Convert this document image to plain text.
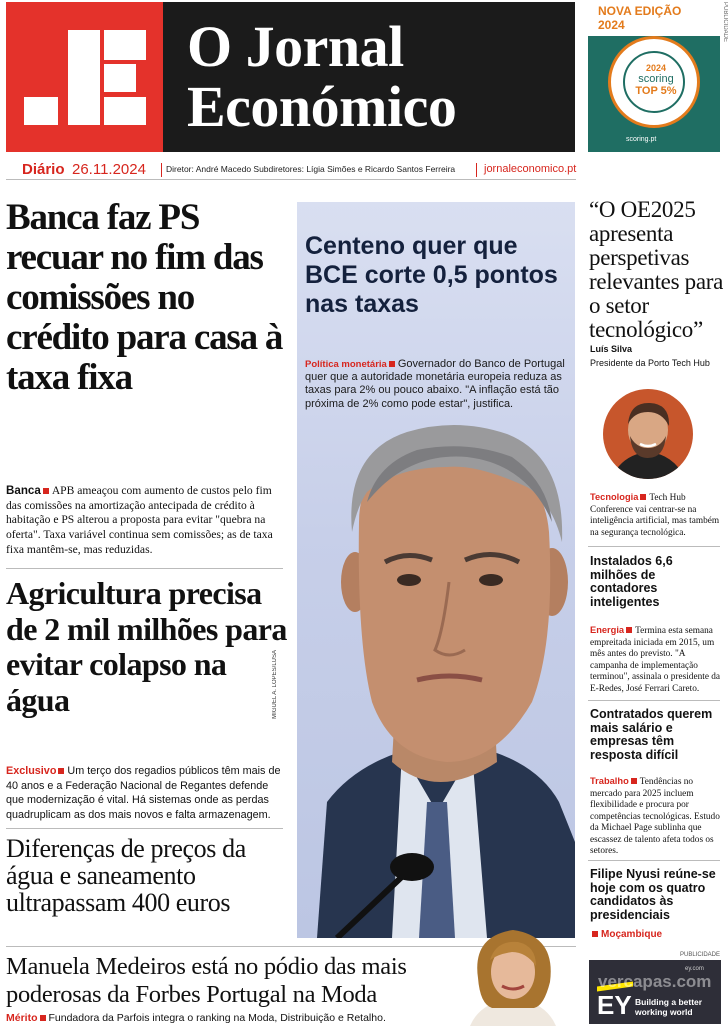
O Jornal
Económico
NOVA EDIÇÃO
2024
2024
scoring
TOP 5%
scoring.pt
PUBLICIDADE
Diário 26.11.2024 Diretor: André Macedo Subdiretores: Lígia Simões e Ricardo Santos Ferreira	jornaleconomico.pt
Banca faz PS recuar no fim das comissões no crédito para casa à taxa fixa
Banca APB ameaçou com aumento de custos pelo fim das comissões na amortização antecipada de crédito à habitação e PS alterou a proposta para evitar "quebra na oferta". Taxa variável continua sem comissões; as de taxa fixa mantêm-se, mas reduzidas.
Agricultura precisa de 2 mil milhões para evitar colapso na água
Exclusivo Um terço dos regadios públicos têm mais de 40 anos e a Federação Nacional de Regantes defende que modernização é vital. Há sistemas onde as perdas quadruplicam as dos mais novos e falta armazenagem.
Diferenças de preços da água e saneamento ultrapassam 400 euros
Centeno quer que BCE corte 0,5 pontos nas taxas
Política monetária Governador do Banco de Portugal quer que a autoridade monetária europeia reduza as taxas para 2% ou pouco abaixo. "A inflação está tão próxima de 2% como pode estar", justifica.
MIGUEL A. LOPES/LUSA
“O OE2025 apresenta perspetivas relevantes para o setor tecnológico”
Luís Silva
Presidente da Porto Tech Hub
Tecnologia Tech Hub Conference vai centrar-se na inteligência artificial, mas também na segurança tecnológica.
Instalados 6,6 milhões de contadores inteligentes
Energia Termina esta semana empreitada iniciada em 2015, um mês antes do previsto. "A campanha de implementação terminou", assinala o presidente da E-Redes, José Ferrari Careto.
Contratados querem mais salário e empresas têm resposta difícil
Trabalho Tendências no mercado para 2025 incluem flexibilidade e procura por competências tecnológicas. Estudo da Michael Page sublinha que escassez de talento afeta todos os setores.
Filipe Nyusi reúne-se hoje com os quatro candidatos às presidenciais
Moçambique
Manuela Medeiros está no pódio das mais poderosas da Forbes Portugal na Moda
Mérito Fundadora da Parfois integra o ranking na Moda, Distribuição e Retalho.
PUBLICIDADE
ey.com
EY Building a better working world
vercapas.com
